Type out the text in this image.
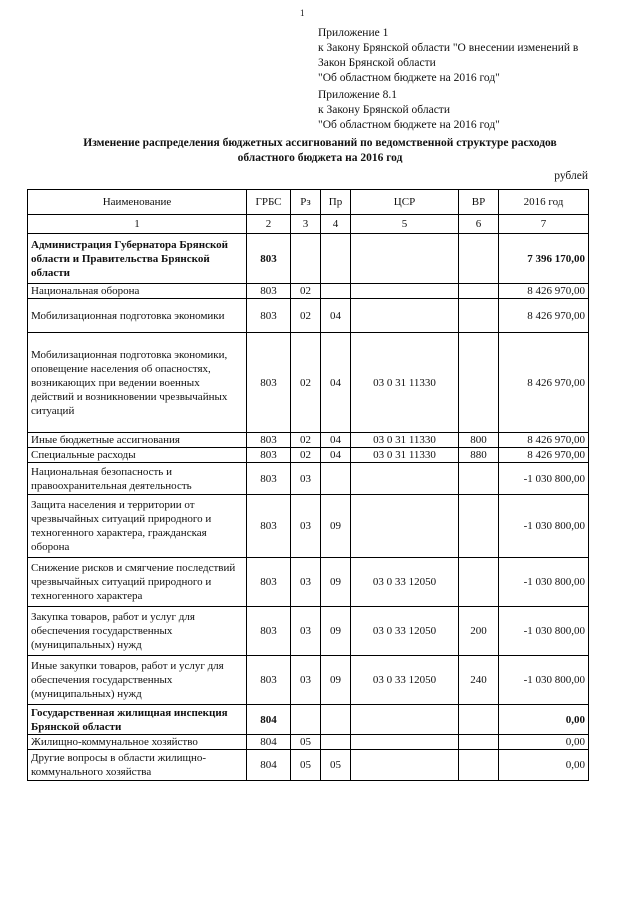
1
Приложение 1
к Закону Брянской области "О внесении изменений в
Закон Брянской области
"Об областном бюджете на 2016 год"
Приложение 8.1
к Закону Брянской области
"Об областном бюджете на 2016 год"
Изменение распределения бюджетных ассигнований по ведомственной структуре расходов
областного бюджета на 2016 год
рублей
Наименование	ГРБС	Рз	Пр	ЦСР	ВР	2016 год
1	2	3	4	5	6	7
Администрация Губернатора Брянской области и Правительства Брянской области	803					7 396 170,00
Национальная оборона	803	02				8 426 970,00
Мобилизационная подготовка экономики	803	02	04			8 426 970,00
Мобилизационная подготовка экономики, оповещение населения об опасностях, возникающих при ведении военных действий и возникновении чрезвычайных ситуаций	803	02	04	03 0 31 11330		8 426 970,00
Иные бюджетные ассигнования	803	02	04	03 0 31 11330	800	8 426 970,00
Специальные расходы	803	02	04	03 0 31 11330	880	8 426 970,00
Национальная безопасность и правоохранительная деятельность	803	03				-1 030 800,00
Защита населения и территории от чрезвычайных ситуаций природного и техногенного характера, гражданская оборона	803	03	09			-1 030 800,00
Снижение рисков и смягчение последствий чрезвычайных ситуаций природного и техногенного характера	803	03	09	03 0 33 12050		-1 030 800,00
Закупка товаров, работ и услуг для обеспечения государственных (муниципальных) нужд	803	03	09	03 0 33 12050	200	-1 030 800,00
Иные закупки товаров, работ и услуг для обеспечения государственных (муниципальных) нужд	803	03	09	03 0 33 12050	240	-1 030 800,00
Государственная жилищная инспекция Брянской области	804					0,00
Жилищно-коммунальное хозяйство	804	05				0,00
Другие вопросы в области жилищно-коммунального хозяйства	804	05	05			0,00
